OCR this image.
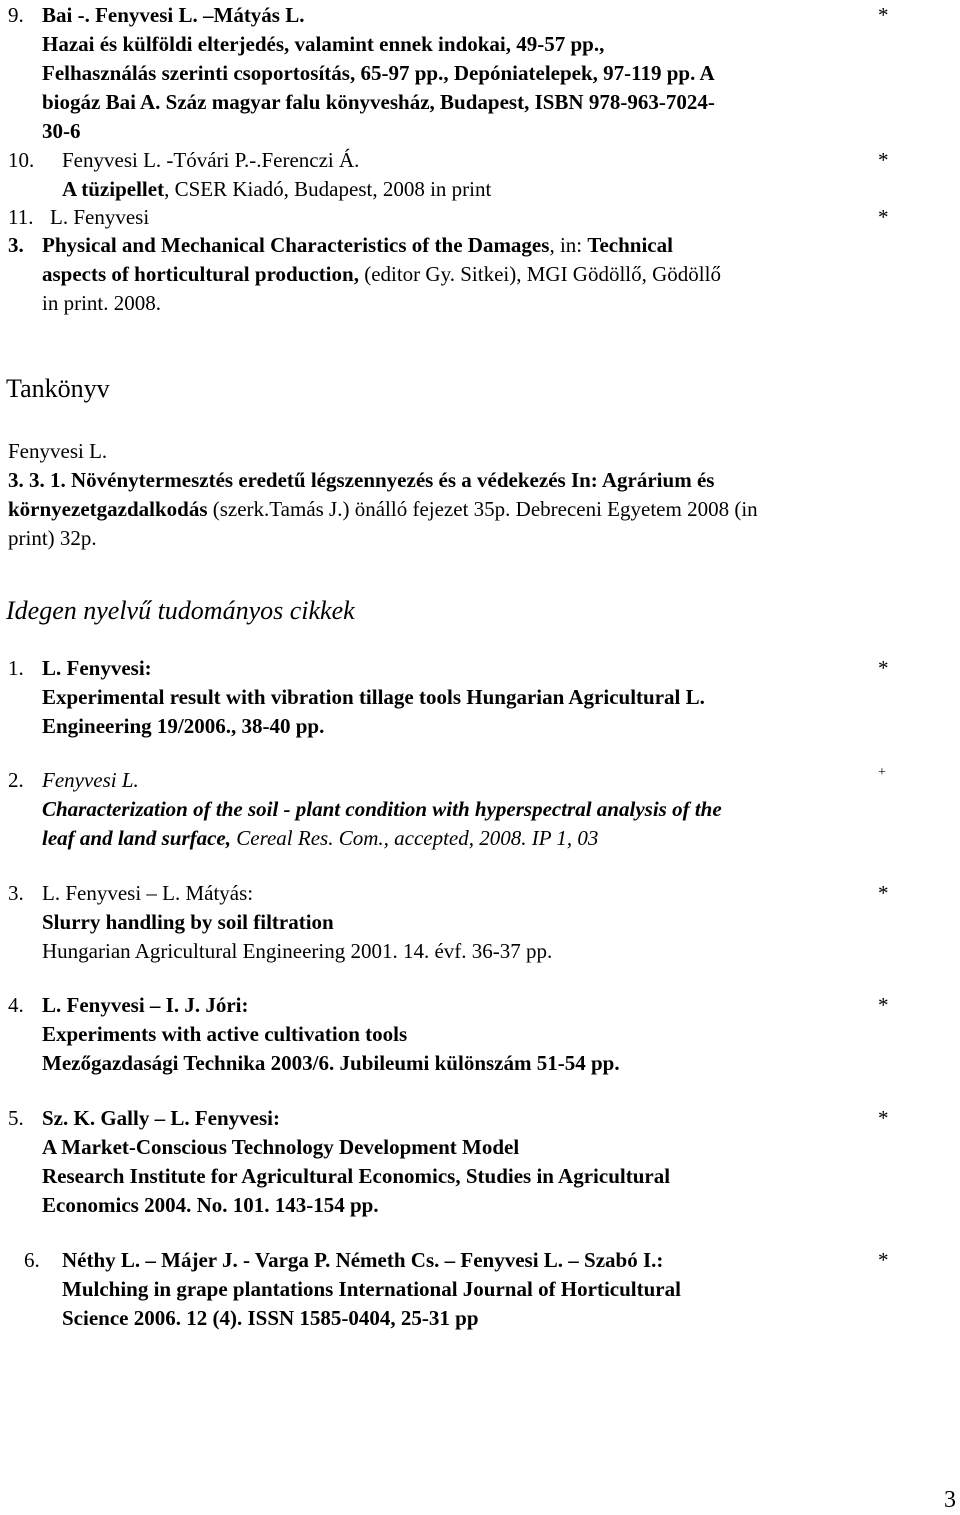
9. Bai -. Fenyvesi L. –Mátyás L.
Hazai és külföldi elterjedés, valamint ennek indokai, 49-57 pp.,
Felhasználás szerinti csoportosítás, 65-97 pp., Depóniatelepek, 97-119 pp. A
biogáz Bai A. Száz magyar falu könyvesház, Budapest, ISBN 978-963-7024-
30-6
*
10. Fenyvesi L. -Tóvári P.-.Ferenczi Á.
A tüzipellet, CSER Kiadó, Budapest, 2008 in print
*
11. L. Fenyvesi	*
3. Physical and Mechanical Characteristics of the Damages, in: Technical
aspects of horticultural production, (editor Gy. Sitkei), MGI Gödöllő, Gödöllő
in print. 2008.
Tankönyv
Fenyvesi L.
3. 3. 1. Növénytermesztés eredetű légszennyezés és a védekezés In: Agrárium és
környezetgazdalkodás (szerk.Tamás J.) önálló fejezet 35p. Debreceni Egyetem 2008 (in
print) 32p.
Idegen nyelvű tudományos cikkek
1. L. Fenyvesi:
Experimental result with vibration tillage tools Hungarian Agricultural L.
Engineering 19/2006., 38-40 pp.
*
2. Fenyvesi L.
Characterization of the soil - plant condition with hyperspectral analysis of the
leaf and land surface, Cereal Res. Com., accepted, 2008. IP 1, 03
+
3. L. Fenyvesi – L. Mátyás:
Slurry handling by soil filtration
Hungarian Agricultural Engineering 2001. 14. évf. 36-37 pp.
*
4. L. Fenyvesi – I. J. Jóri:
Experiments with active cultivation tools
Mezőgazdasági Technika 2003/6. Jubileumi különszám 51-54 pp.
*
5. Sz. K. Gally – L. Fenyvesi:
A Market-Conscious Technology Development Model
Research Institute for Agricultural Economics, Studies in Agricultural
Economics 2004. No. 101. 143-154 pp.
*
6. Néthy L. – Májer J. - Varga P. Németh Cs. – Fenyvesi L. – Szabó I.:
Mulching in grape plantations International Journal of Horticultural
Science 2006. 12 (4). ISSN 1585-0404, 25-31 pp
*
3
